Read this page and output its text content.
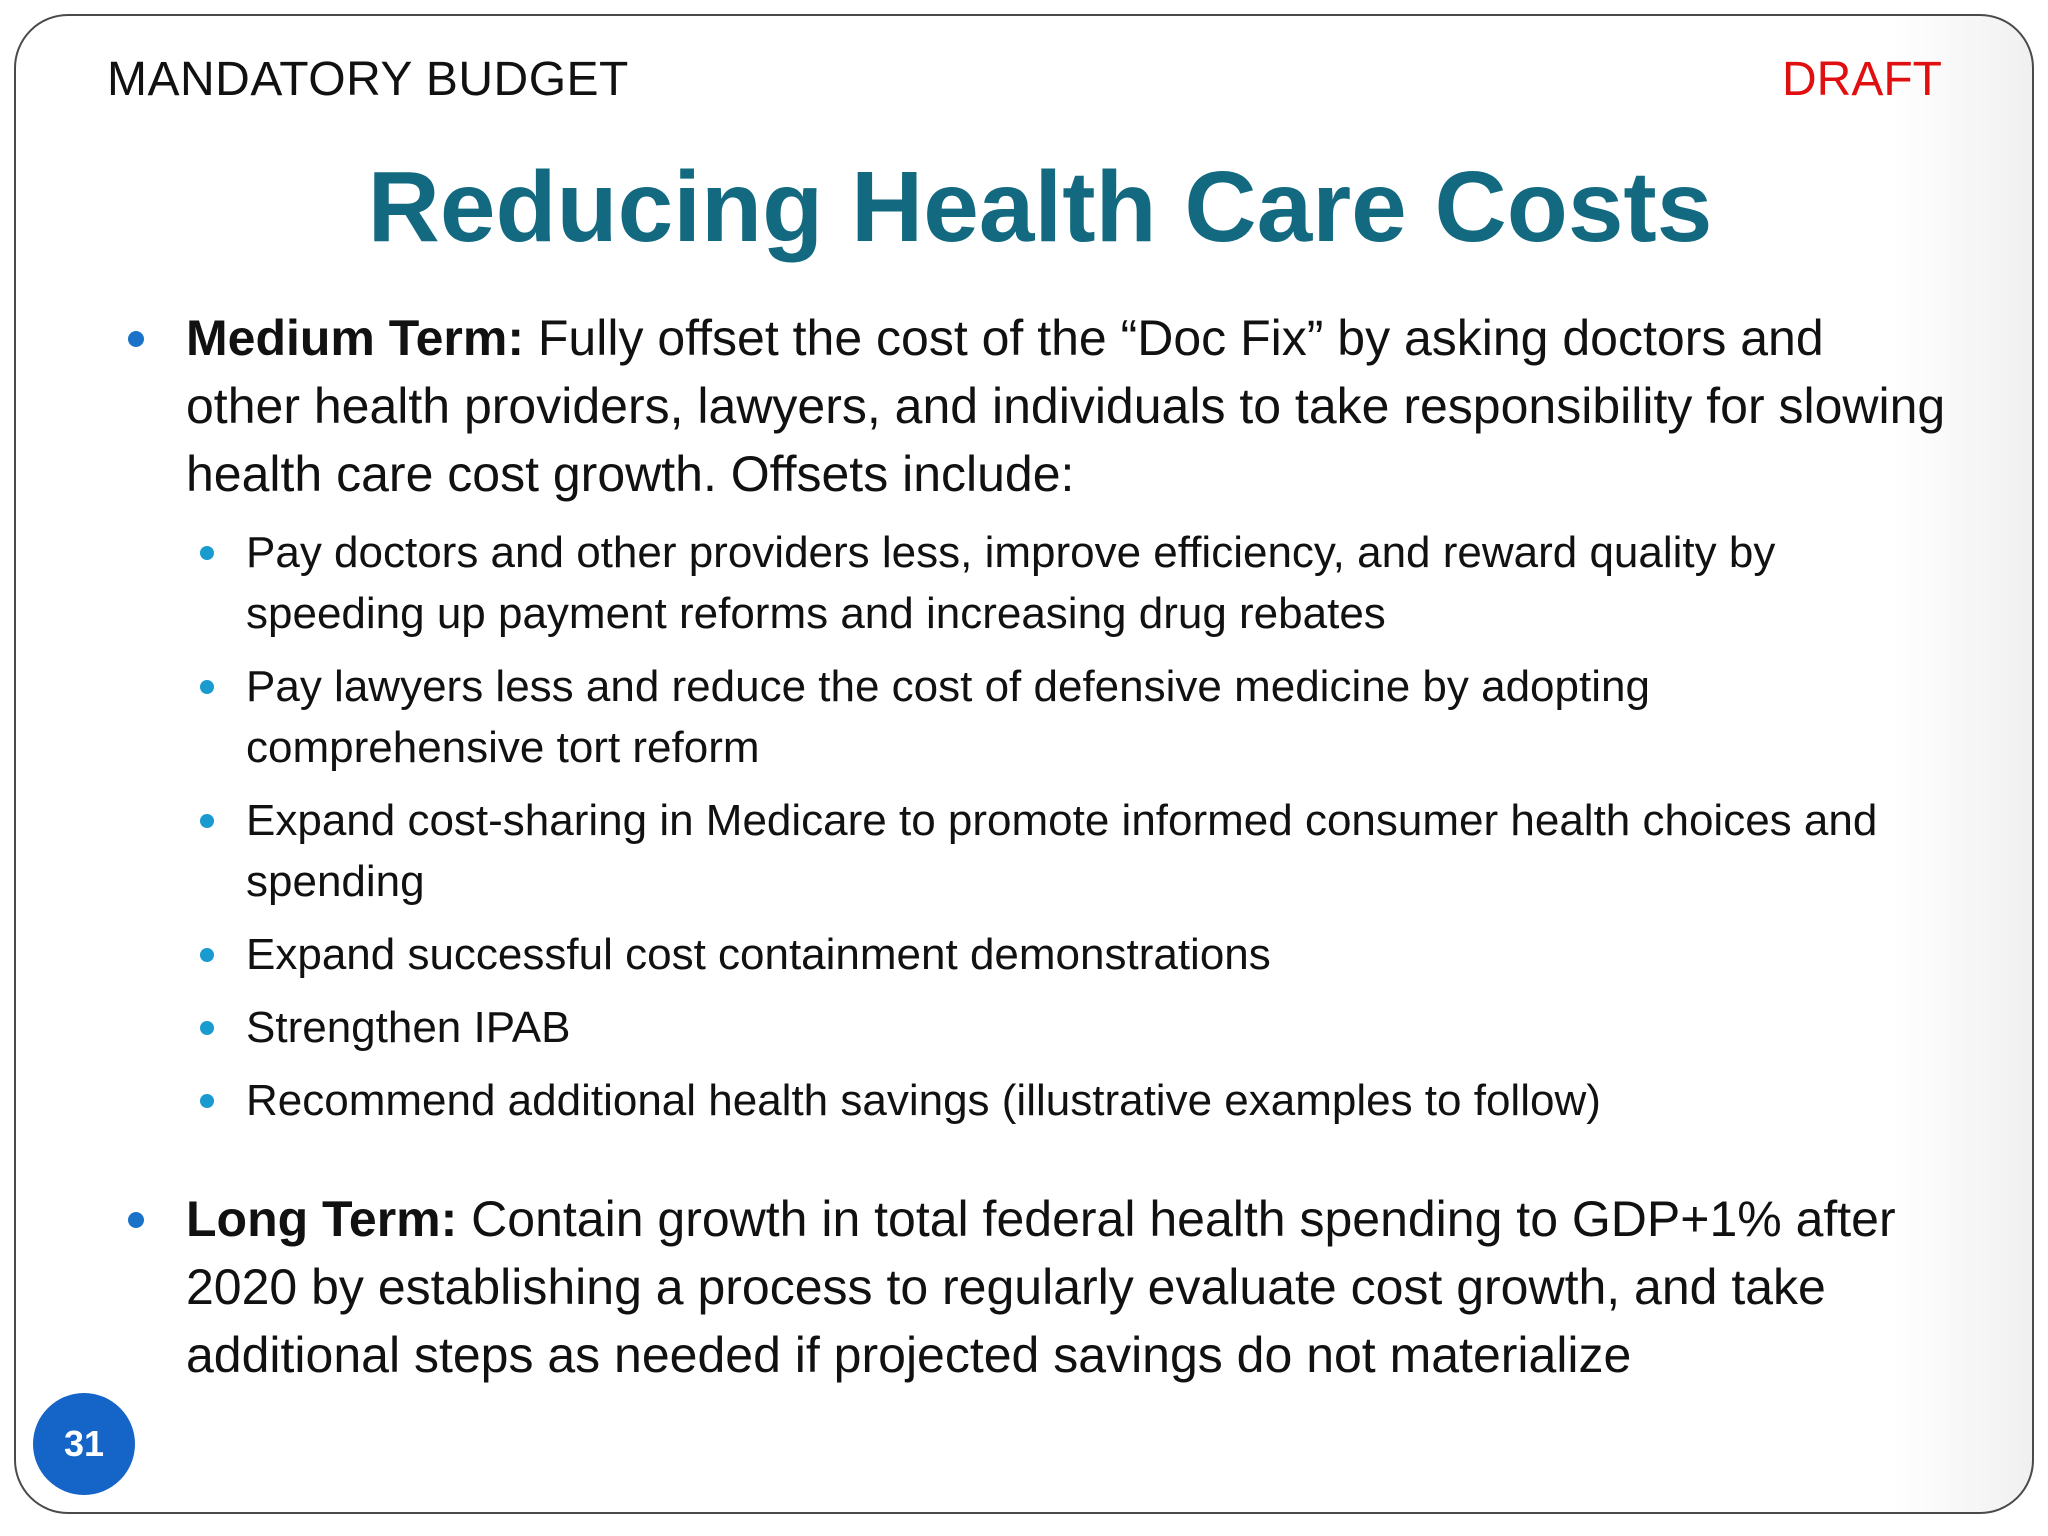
MANDATORY BUDGET	DRAFT
Reducing Health Care Costs
Medium Term: Fully offset the cost of the “Doc Fix” by asking doctors and other health providers, lawyers, and individuals to take responsibility for slowing health care cost growth. Offsets include:
Pay doctors and other providers less, improve efficiency, and reward quality by speeding up payment reforms and increasing drug rebates
Pay lawyers less and reduce the cost of defensive medicine by adopting comprehensive tort reform
Expand cost-sharing in Medicare to promote informed consumer health choices and spending
Expand successful cost containment demonstrations
Strengthen IPAB
Recommend additional health savings (illustrative examples to follow)
Long Term: Contain growth in total federal health spending to GDP+1% after 2020 by establishing a process to regularly evaluate cost growth, and take additional steps as needed if projected savings do not materialize
31
